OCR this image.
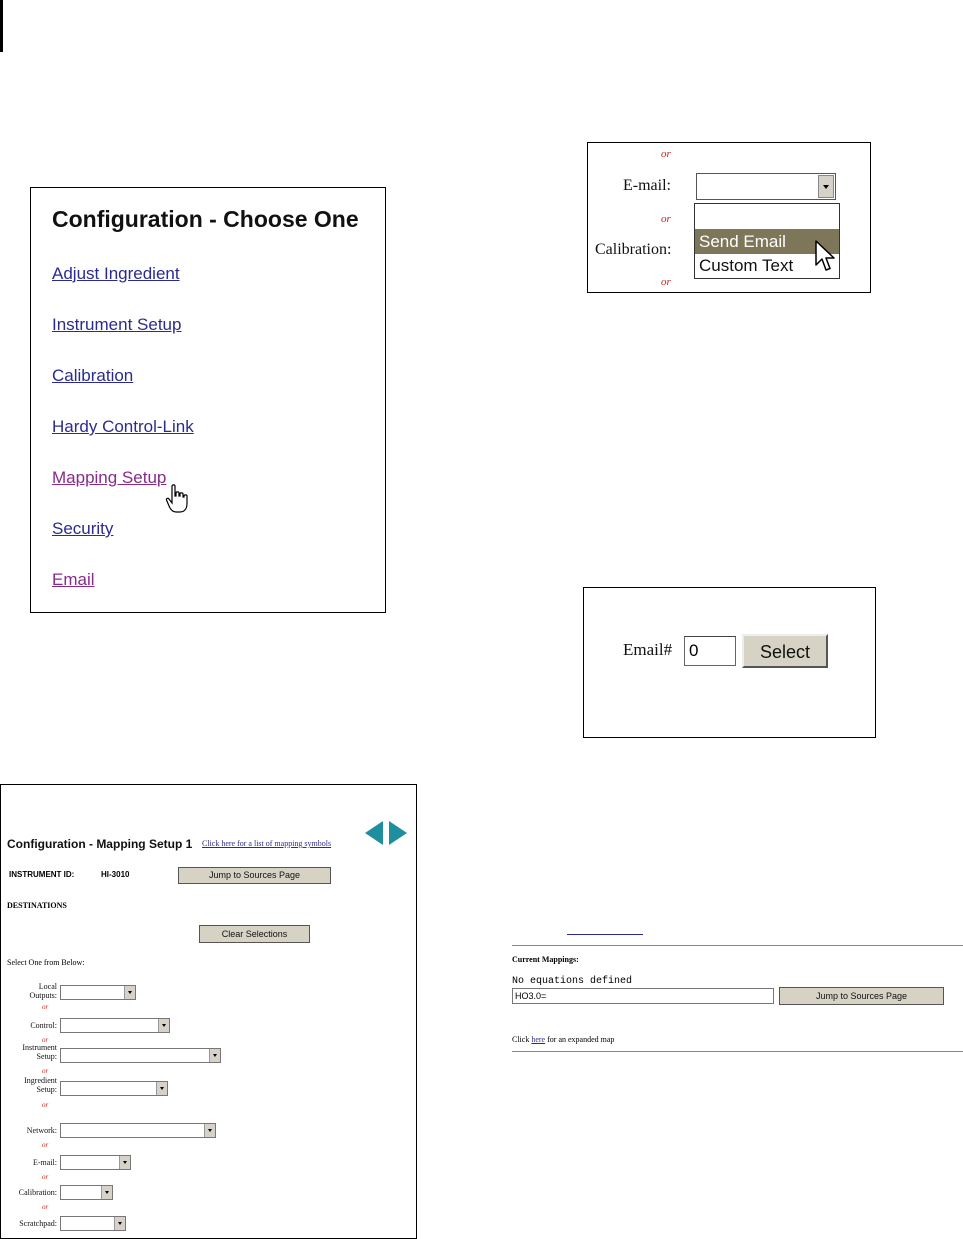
Configuration - Choose One
Adjust Ingredient
Instrument Setup
Calibration
Hardy Control-Link
Mapping Setup
Security
Email
or
E-mail:
or
Calibration:
or
Send Email
Custom Text
Email# 0	Select
Configuration - Mapping Setup 1 Click here for a list of mapping symbols
INSTRUMENT ID:	HI-3010	Jump to Sources Page
DESTINATIONS
Clear Selections
Select One from Below:
Local Outputs:
or
Control:
or
Instrument Setup:
or
Ingredient Setup:
or
Network:
or
E-mail:
or
Calibration:
or
Scratchpad:
Current Mappings:
No equations defined
HO3.0=	Jump to Sources Page
Click here for an expanded map
